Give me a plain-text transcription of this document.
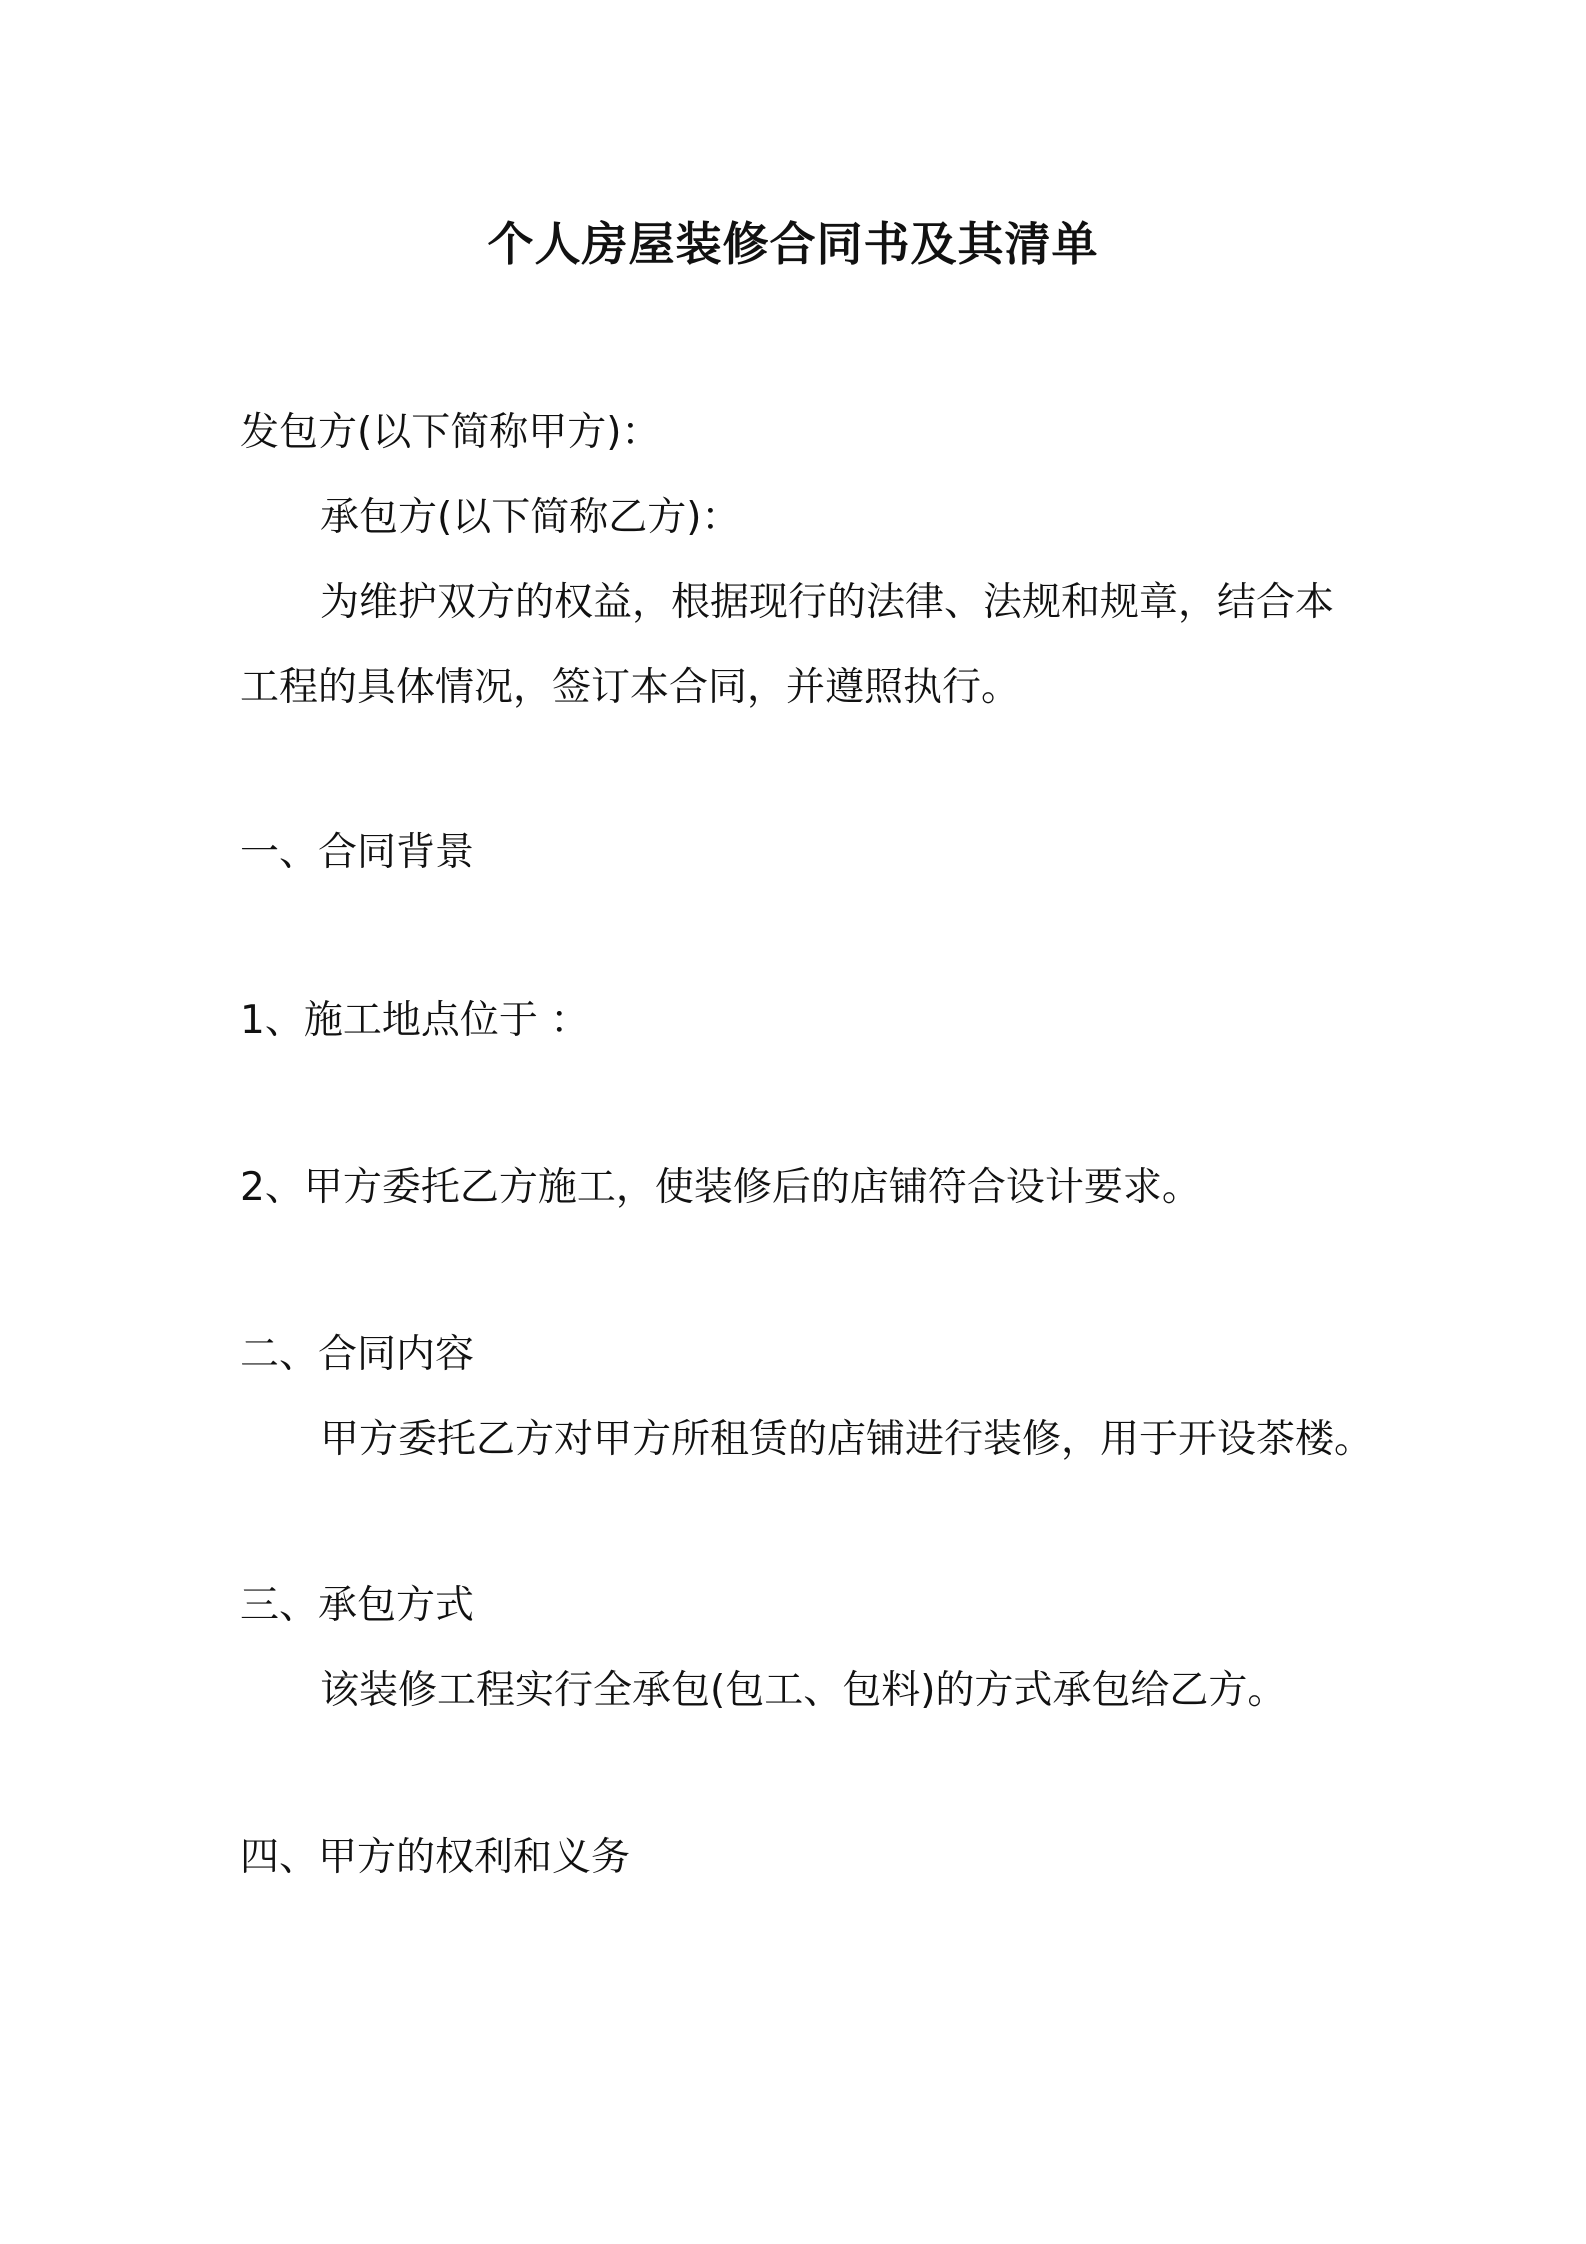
个人房屋装修合同书及其清单
发包方(以下简称甲方)：
承包方(以下简称乙方)：
为维护双方的权益，根据现行的法律、法规和规章，结合本
工程的具体情况，签订本合同，并遵照执行。
一、合同背景
1、施工地点位于 ：
2、甲方委托乙方施工，使装修后的店铺符合设计要求。
二、合同内容
甲方委托乙方对甲方所租赁的店铺进行装修，用于开设茶楼。
三、承包方式
该装修工程实行全承包(包工、包料)的方式承包给乙方。
四、甲方的权利和义务
